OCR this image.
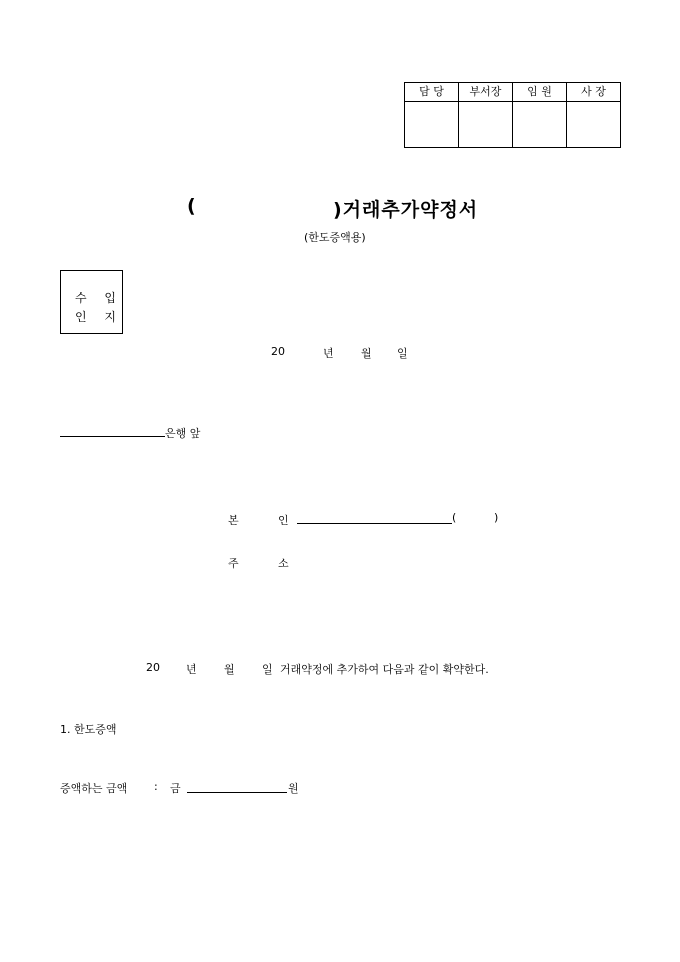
담 당	부서장	임 원	사 장

(	)거래추가약정서
(한도증액용)
수 입
인 지
20	년 월 일
은행 앞
본	인	(	)
주	소
20 년 월 일 거래약정에 추가하여 다음과 같이 확약한다.
1. 한도증액
증액하는 금액 : 금	원
